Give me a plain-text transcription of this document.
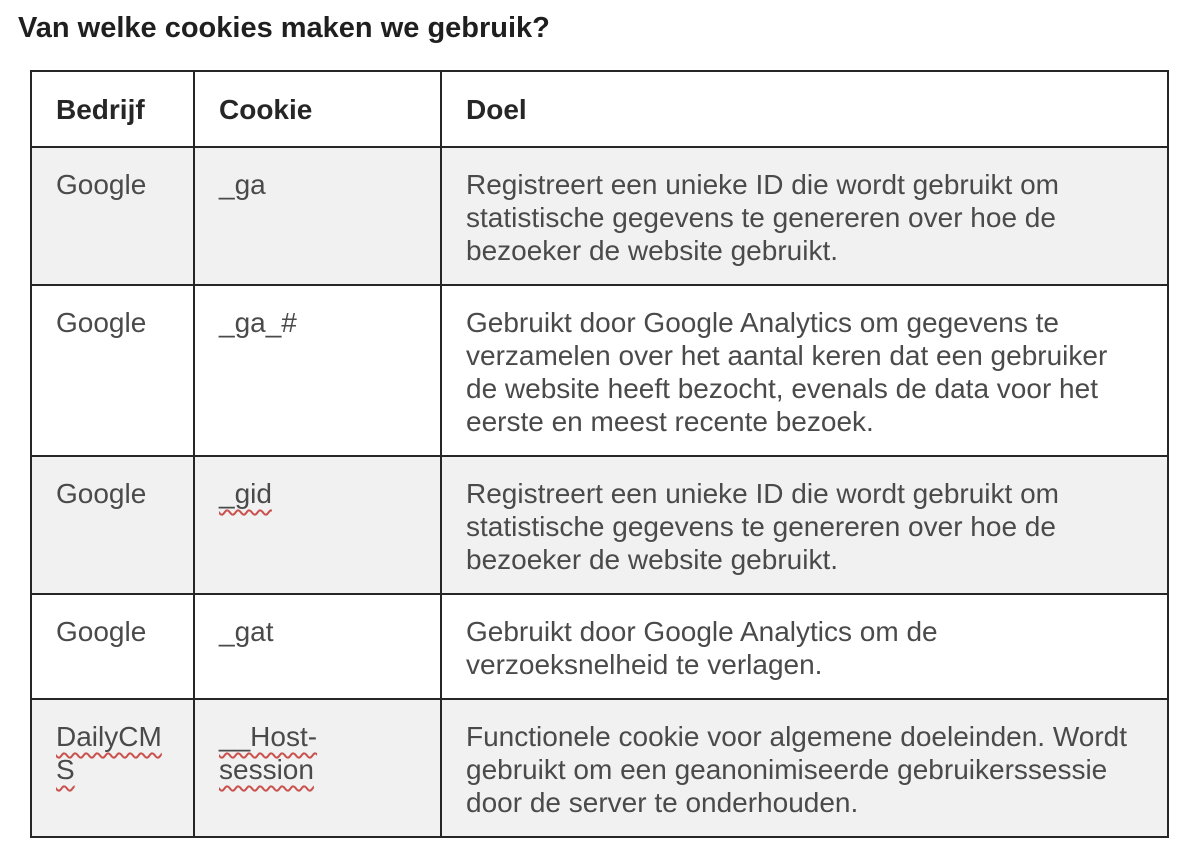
Van welke cookies maken we gebruik?
Bedrijf	Cookie	Doel
Google	_ga	Registreert een unieke ID die wordt gebruikt om statistische gegevens te genereren over hoe de bezoeker de website gebruikt.
Google	_ga_#	Gebruikt door Google Analytics om gegevens te verzamelen over het aantal keren dat een gebruiker de website heeft bezocht, evenals de data voor het eerste en meest recente bezoek.
Google	_gid	Registreert een unieke ID die wordt gebruikt om statistische gegevens te genereren over hoe de bezoeker de website gebruikt.
Google	_gat	Gebruikt door Google Analytics om de verzoeksnelheid te verlagen.
DailyCMS	__Host-session	Functionele cookie voor algemene doeleinden. Wordt gebruikt om een geanonimiseerde gebruikerssessie door de server te onderhouden.
